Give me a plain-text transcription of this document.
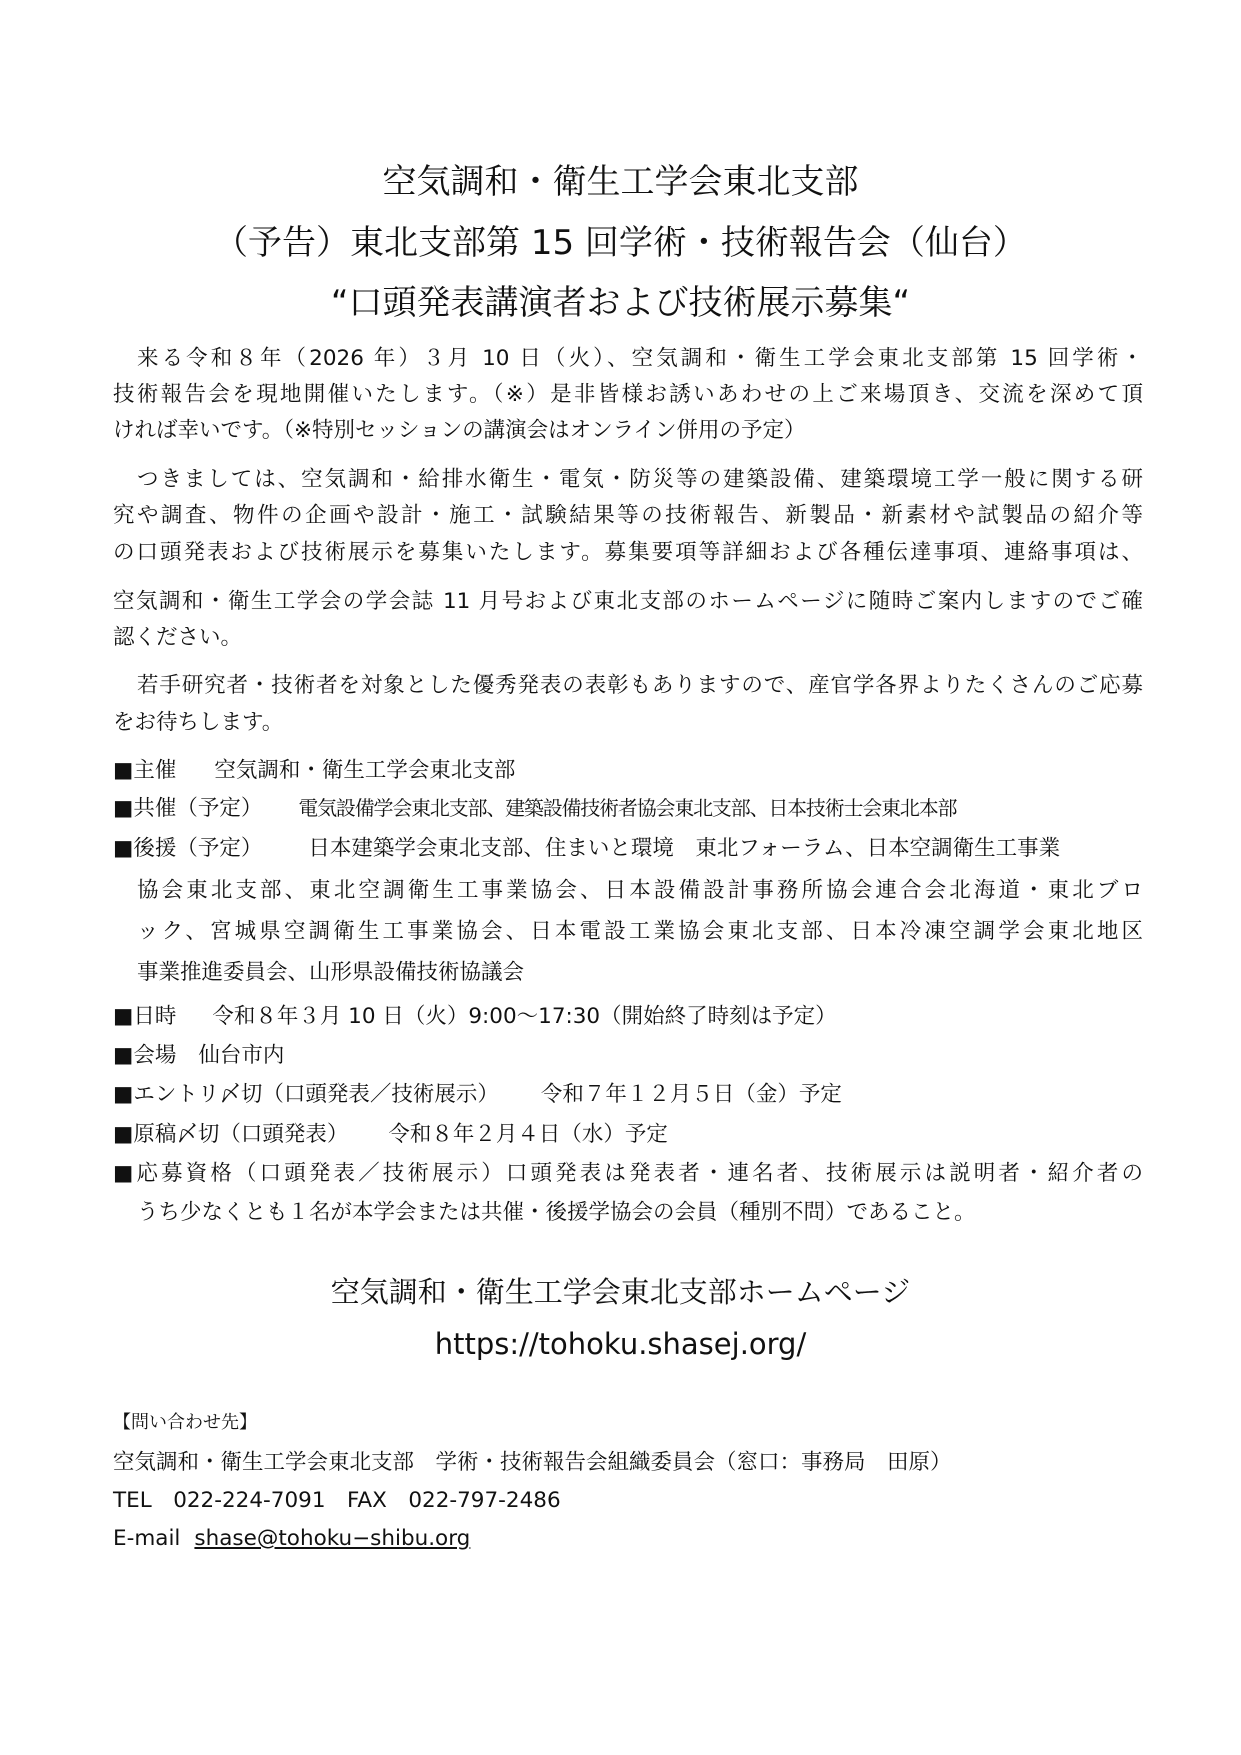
空気調和・衛生工学会東北支部
（予告）東北支部第 15 回学術・技術報告会（仙台）
“口頭発表講演者および技術展示募集“
来る令和８年（2026 年）３月 10 日（火）、空気調和・衛生工学会東北支部第 15 回学術・
技術報告会を現地開催いたします。（※）是非皆様お誘いあわせの上ご来場頂き、交流を深めて頂
ければ幸いです。（※特別セッションの講演会はオンライン併用の予定）
つきましては、空気調和・給排水衛生・電気・防災等の建築設備、建築環境工学一般に関する研
究や調査、物件の企画や設計・施工・試験結果等の技術報告、新製品・新素材や試製品の紹介等
の口頭発表および技術展示を募集いたします。募集要項等詳細および各種伝達事項、連絡事項は、
空気調和・衛生工学会の学会誌 11 月号および東北支部のホームページに随時ご案内しますのでご確
認ください。
若手研究者・技術者を対象とした優秀発表の表彰もありますので、産官学各界よりたくさんのご応募
をお待ちします。
■主催 空気調和・衛生工学会東北支部
■共催（予定） 電気設備学会東北支部、建築設備技術者協会東北支部、日本技術士会東北本部
■後援（予定） 日本建築学会東北支部、住まいと環境　東北フォーラム、日本空調衛生工事業
協会東北支部、東北空調衛生工事業協会、日本設備設計事務所協会連合会北海道・東北ブロ
ック、宮城県空調衛生工事業協会、日本電設工業協会東北支部、日本冷凍空調学会東北地区
事業推進委員会、山形県設備技術協議会
■日時 令和８年３月 10 日（火）9:00～17:30（開始終了時刻は予定）
■会場 仙台市内
■エントリ〆切（口頭発表／技術展示） 令和７年１２月５日（金）予定
■原稿〆切（口頭発表） 令和８年２月４日（水）予定
■応募資格（口頭発表／技術展示）口頭発表は発表者・連名者、技術展示は説明者・紹介者の
うち少なくとも１名が本学会または共催・後援学協会の会員（種別不問）であること。
空気調和・衛生工学会東北支部ホームページ
https://tohoku.shasej.org/
【問い合わせ先】
空気調和・衛生工学会東北支部　学術・技術報告会組織委員会（窓口：事務局　田原）
TEL　022-224-7091　FAX　022-797-2486
E-mail shase@tohoku−shibu.org
